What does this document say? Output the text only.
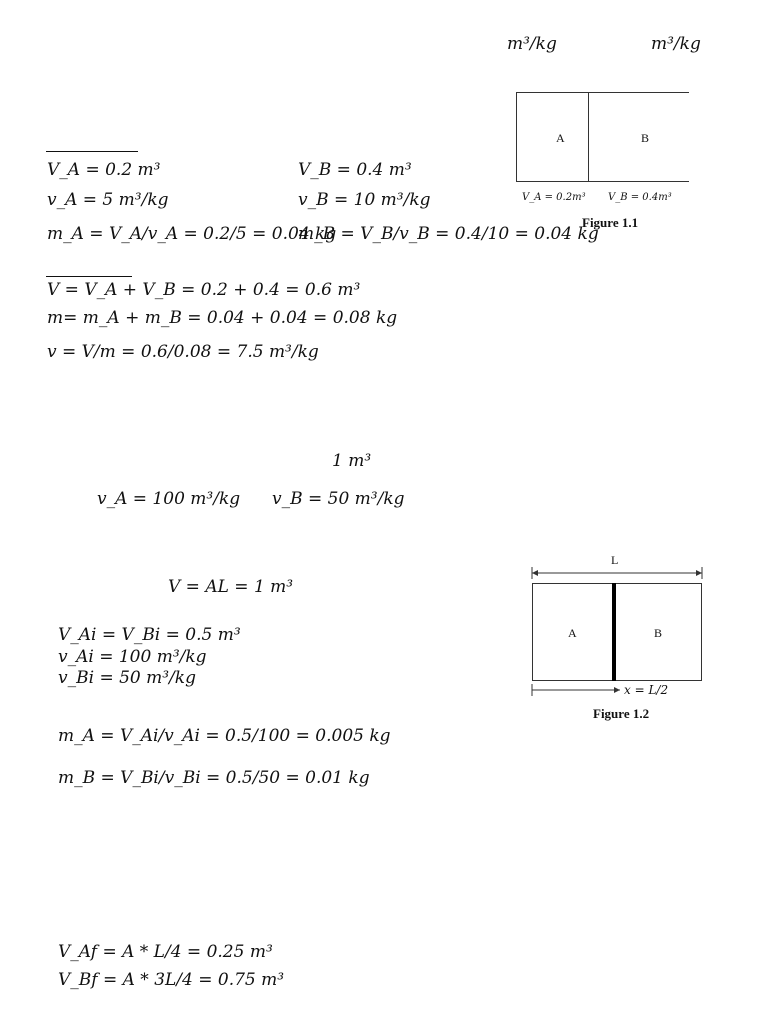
m³/kg	m³/kg
A	B
V_A = 0.2m³ V_B = 0.4m³
Figure 1.1
V_A = 0.2 m³
v_A = 5 m³/kg
m_A = V_A/v_A = 0.2/5 = 0.04 kg
V_B = 0.4 m³
v_B = 10 m³/kg
m_B = V_B/v_B = 0.4/10 = 0.04 kg
V = V_A + V_B = 0.2 + 0.4 = 0.6 m³
m= m_A + m_B = 0.04 + 0.04 = 0.08 kg
v = V/m = 0.6/0.08 = 7.5 m³/kg
1 m³
v_A = 100 m³/kg v_B = 50 m³/kg
V = AL = 1 m³
V_Ai = V_Bi = 0.5 m³
v_Ai = 100 m³/kg
v_Bi = 50 m³/kg
m_A = V_Ai/v_Ai = 0.5/100 = 0.005 kg
m_B = V_Bi/v_Bi = 0.5/50 = 0.01 kg
V_Af = A * L/4 = 0.25 m³
V_Bf = A * 3L/4 = 0.75 m³
L
A	B
x = L/2
Figure 1.2
